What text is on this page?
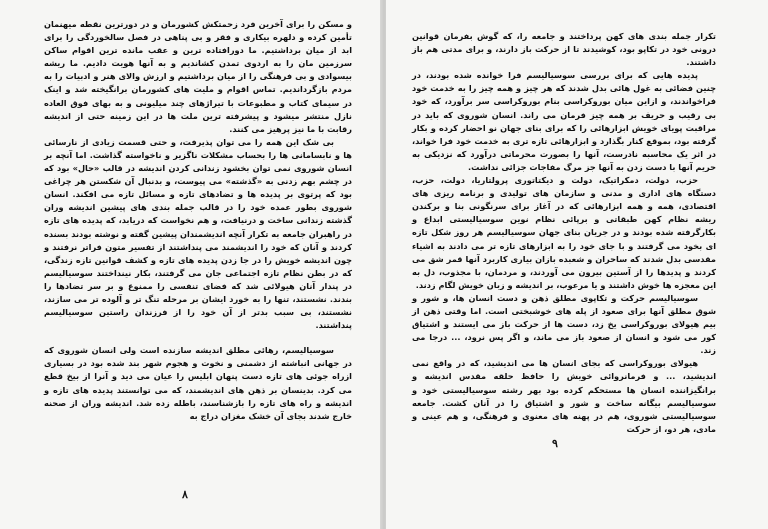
و مسکن را برای آخرین فرد زحمتکش کشورمان و در دورترین نقطه میهنمان تأمین کرده و دلهره بیکاری و فقر و بی پناهی در فصل سالخوردگی را برای ابد از میان برداشتیم. ما دورافتاده ترین و عقب مانده ترین اقوام ساکن سرزمین مان را به اردوی تمدن کشاندیم و به آنها هویت دادیم. ما ریشه بیسوادی و بی فرهنگی را از میان برداشتیم و ارزش والای هنر و ادبیات را به مردم بازگرداندیم. تماس اقوام و ملیت های کشورمان برانگیخته شد و اینک در سیمای کتاب و مطبوعات با تیراژهای چند میلیونی و به بهای فوق العاده نازل منتشر میشود و پیشرفته ترین ملت ها در این زمینه حتی از اندیشه رقابت با ما نیز پرهیز می کنند.

بی شک این همه را می توان پذیرفت، و حتی قسمت زیادی از نارسائی ها و نابسامانی ها را بحساب مشکلات ناگزیر و ناخواسته گذاشت. اما آنچه بر انسان شوروی نمی توان بخشود زندانی کردن اندیشه در قالب «حال» بود که در چشم بهم زدنی به «گذشته» می پیوست، و بدنبال آن شکستن هر چراغی بود که پرتوی بر پدیده ها و تضادهای تازه و مسائل تازه می افکند. انسان شوروی بطور عمده خود را در قالب جمله بندی های پیشین اندیشه وران گذشته زندانی ساخت و درنیافت، و هم نخواست که دریابد، که پدیده های تازه در راهبران جامعه به تکرار آنچه اندیشمندان پیشین گفته و نوشته بودند بسنده کردند و آنان که خود را اندیشمند می پنداشتند از تفسیر متون فراتر نرفتند و چون اندیشه خویش را در جا زدن پدیده های تازه و کشف قوانین تازه زندگی، که در بطن نظام تازه اجتماعی جان می گرفتند، بکار نینداختند سوسیالیسم در پندار آنان هیولائی شد که فضای تنفسی را ممنوع و بر سر تضادها را بندند. نشستند، تنها را به خورد ایشان بر مرحله تنگ تر و آلوده تر می سازند، نشستند، بی سبب بدتر از آن خود را از فرزندان راستین سوسیالیسم پنداشتند.

سوسیالیسم، رهائی مطلق اندیشه سازنده است ولی انسان شوروی که در جهانی انباشته از دشمنی و نخوت و هجوم شهر بند شده بود در بسیاری ازراه جوئی های تازه دست پنهان ابلیس را عیان می دید و آنرا از بیخ قطع می کرد. بدینسان بر ذهن های اندیشمند، که می توانستند پدیده های تازه و اندیشه و راه های تازه را بازشناسند، باطله زده شد. اندیشه وران از صحنه خارج شدند بجای آن خشک مغزان دراج به

۸

تکرار جمله بندی های کهن پرداختند و جامعه را، که گوش بفرمان قوانین درونی خود در تکاپو بود، کوشیدند تا از حرکت باز دارند، و برای مدتی هم باز داشتند.

پدیده هایی که برای بررسی سوسیالیسم فرا خوانده شده بودند، در چنین فضائی به غول هائی بدل شدند که هر چیز و همه چیز را به خدمت خود فراخواندند، و ازاین میان بوروکراسی بنام بوروکراسی سر برآورد، که خود بی رقیب و حریف بر همه چیز فرمان می راند. انسان شوروی که باید در مراقبت پویای خویش ابزارهائی را که برای بنای جهان نو احضار کرده و بکار گرفته بود، بموقع کنار بگذارد و ابزارهائی تازه تری به خدمت خود فرا خواند، در اثر یک محاسبه نادرست، آنها را بصورت محرماتی درآورد که نزدیکی به حریم آنها با دست زدن به آنها جز مرگ مفاجات جزائی نداشت.

حزب، دولت، دمکراتیک، دولت و دیکتاتوری پرولتاریا، دولت، حزب، دستگاه های اداری و مدنی و سازمان های تولیدی و برنامه ریزی های اقتصادی، همه و همه ابزارهائی که در آغاز برای سرنگونی بنا و برکندن ریشه نظام کهن طبقاتی و برپائی نظام نوین سوسیالیستی ابداع و بکارگرفته شده بودند و در جریان بنای جهان سوسیالیسم هر روز شکل تازه ای بخود می گرفتند و با جای خود را به ابزارهای تازه تر می دادند به اشیاء مقدسی بدل شدند که ساحران و شعبده بازان بیاری کاربرد آنها قمر شق می کردند و پدیدها را از آستین بیرون می آوردند، و مردمان، با مجذوب، دل به این معجزه ها خوش داشتند و یا مرعوب، بر اندیشه و زبان خویش لگام زدند.

سوسیالیسم حرکت و تکاپوی مطلق ذهن و دست انسان ها، و شور و شوق مطلق آنها برای صعود از پله های خوشبختی است. اما وقتی ذهن از بیم هیولای بوروکراسی یخ زد، دست ها از حرکت باز می ایستند و اشتیاق کور می شود و انسان از صعود باز می ماند، و اگر پس نرود، ... درجا می زند.

هیولای بوروکراسی که بجای انسان ها می اندیشید، که در واقع نمی اندیشید، ... و فرمانروائی خویش را حافظ حلقه مقدس اندیشه و برانگیزاننده انسان ها مستحکم کرده بود بهر رشته سوسیالیستی خود و سوسیالیسم بیگانه ساخت و شور و اشتیاق را در آنان کشت. جامعه سوسیالیستی شوروی، هم در پهنه های معنوی و فرهنگی، و هم عینی و مادی، هر دو، از حرکت

۹
